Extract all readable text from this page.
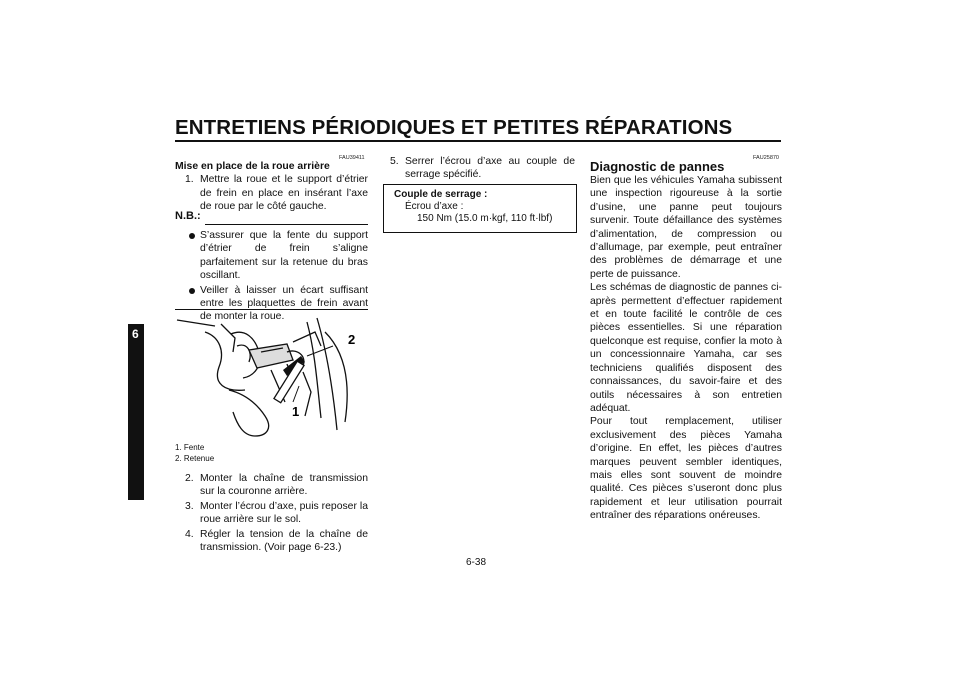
ENTRETIENS PÉRIODIQUES ET PETITES RÉPARATIONS
6
FAU39411
Mise en place de la roue arrière
1. Mettre la roue et le support d’étrier de frein en place en insérant l’axe de roue par le côté gauche.
N.B.:
S’assurer que la fente du support d’étrier de frein s’aligne parfaitement sur la retenue du bras oscillant.
Veiller à laisser un écart suffisant entre les plaquettes de frein avant de monter la roue.
2
1
1. Fente
2. Retenue
2. Monter la chaîne de transmission sur la couronne arrière.
3. Monter l’écrou d’axe, puis reposer la roue arrière sur le sol.
4. Régler la tension de la chaîne de transmission. (Voir page 6-23.)
5. Serrer l’écrou d’axe au couple de serrage spécifié.
Couple de serrage :
Écrou d’axe :
150 Nm (15.0 m·kgf, 110 ft·lbf)
FAU25870
Diagnostic de pannes
Bien que les véhicules Yamaha subissent une inspection rigoureuse à la sortie d’usine, une panne peut toujours survenir. Toute défaillance des systèmes d’alimentation, de compression ou d’allumage, par exemple, peut entraîner des problèmes de démarrage et une perte de puissance.
Les schémas de diagnostic de pannes ci-après permettent d’effectuer rapidement et en toute facilité le contrôle de ces pièces essentielles. Si une réparation quelconque est requise, confier la moto à un concessionnaire Yamaha, car ses techniciens qualifiés disposent des connaissances, du savoir-faire et des outils nécessaires à son entretien adéquat.
Pour tout remplacement, utiliser exclusivement des pièces Yamaha d’origine. En effet, les pièces d’autres marques peuvent sembler identiques, mais elles sont souvent de moindre qualité. Ces pièces s’useront donc plus rapidement et leur utilisation pourrait entraîner des réparations onéreuses.
6-38
